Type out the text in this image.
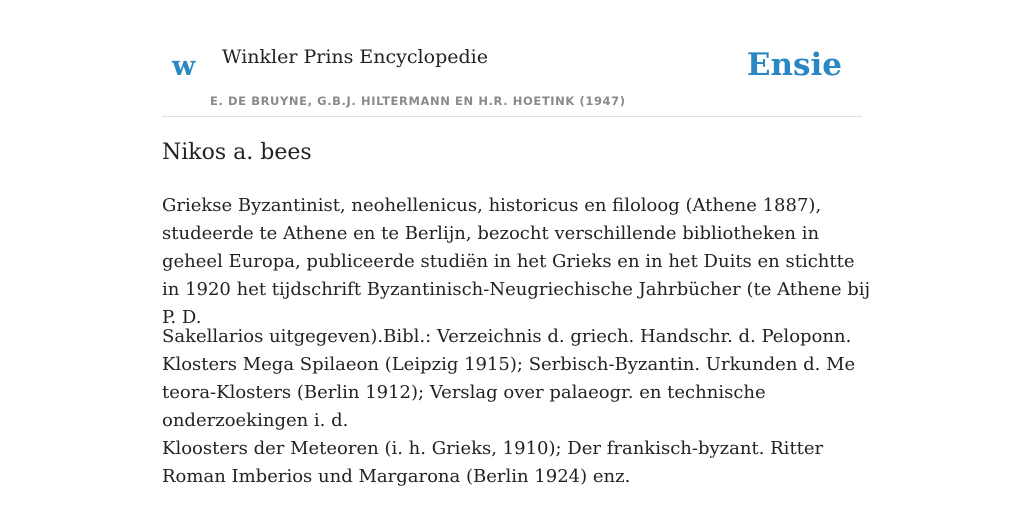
w Winkler Prins Encyclopedie
E. DE BRUYNE, G.B.J. HILTERMANN EN H.R. HOETINK (1947)
Ensie
Nikos a. bees

Griekse Byzantinist, neohellenicus, historicus en filoloog (Athene 1887), studeerde te Athene en te Berlijn, bezocht verschillende bibliotheken in geheel Europa, publiceerde studiën in het Grieks en in het Duits en stichtte in 1920 het tijdschrift Byzantinisch-Neugriechische Jahrbücher (te Athene bij P. D.

Sakellarios uitgegeven).Bibl.: Verzeichnis d. griech. Handschr. d. Peloponn. Klosters Mega Spilaeon (Leipzig 1915); Serbisch-Byzantin. Urkunden d. Me teora-Klosters (Berlin 1912); Verslag over palaeogr. en technische onderzoekingen i. d.

Kloosters der Meteoren (i. h. Grieks, 1910); Der frankisch-byzant. Ritter Roman Imberios und Margarona (Berlin 1924) enz.
